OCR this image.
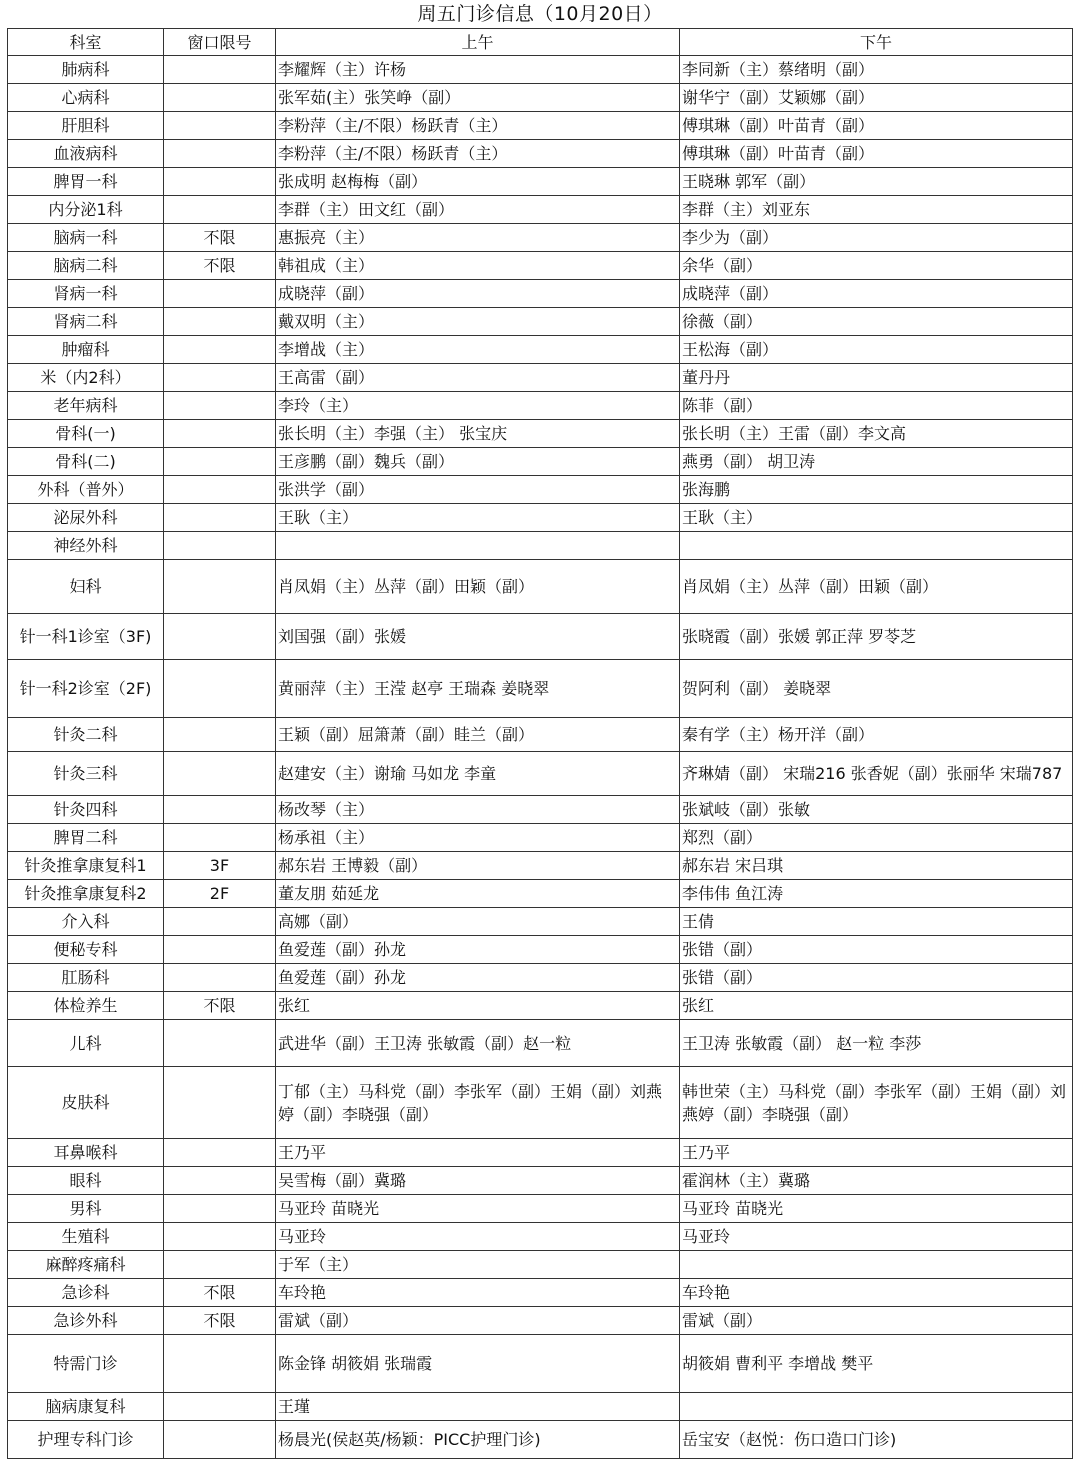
周五门诊信息（10月20日）
科室	窗口限号	上午	下午
肺病科		李耀辉（主）许杨	李同新（主）蔡绪明（副）
心病科		张军茹(主）张笑峥（副）	谢华宁（副）艾颖娜（副）
肝胆科		李粉萍（主/不限）杨跃青（主）	傅琪琳（副）叶苗青（副）
血液病科		李粉萍（主/不限）杨跃青（主）	傅琪琳（副）叶苗青（副）
脾胃一科		张成明 赵梅梅（副）	王晓琳 郭军（副）
内分泌1科		李群（主）田文红（副）	李群（主）刘亚东
脑病一科	不限	惠振亮（主）	李少为（副）
脑病二科	不限	韩祖成（主）	余华（副）
肾病一科		成晓萍（副）	成晓萍（副）
肾病二科		戴双明（主）	徐薇（副）
肿瘤科		李增战（主）	王松海（副）
米（内2科）		王高雷（副）	董丹丹
老年病科		李玲（主）	陈菲（副）
骨科(一)		张长明（主）李强（主） 张宝庆	张长明（主）王雷（副）李文高
骨科(二)		王彦鹏（副）魏兵（副）	燕勇（副） 胡卫涛
外科（普外）		张洪学（副）	张海鹏
泌尿外科		王耿（主）	王耿（主）
神经外科			
妇科		肖凤娟（主）丛萍（副）田颖（副）	肖凤娟（主）丛萍（副）田颖（副）
针一科1诊室（3F)		刘国强（副）张媛	张晓霞（副）张媛 郭正萍 罗苓芝
针一科2诊室（2F)		黄丽萍（主）王滢 赵亭 王瑞森 姜晓翠	贺阿利（副） 姜晓翠
针灸二科		王颖（副）屈箫萧（副）眭兰（副）	秦有学（主）杨开洋（副）
针灸三科		赵建安（主）谢瑜 马如龙 李童	齐琳婧（副） 宋瑞216 张香妮（副）张丽华 宋瑞787
针灸四科		杨改琴（主）	张斌岐（副）张敏
脾胃二科		杨承祖（主）	郑烈（副）
针灸推拿康复科1	3F	郝东岩 王博毅（副）	郝东岩 宋吕琪
针灸推拿康复科2	2F	董友朋 茹延龙	李伟伟 鱼江涛
介入科		高娜（副）	王倩
便秘专科		鱼爱莲（副）孙龙	张错（副）
肛肠科		鱼爱莲（副）孙龙	张错（副）
体检养生	不限	张红	张红
儿科		武进华（副）王卫涛 张敏霞（副）赵一粒	王卫涛 张敏霞（副） 赵一粒 李莎
皮肤科		丁郁（主）马科党（副）李张军（副）王娟（副）刘燕婷（副）李晓强（副）	韩世荣（主）马科党（副）李张军（副）王娟（副）刘燕婷（副）李晓强（副）
耳鼻喉科		王乃平	王乃平
眼科		吴雪梅（副）冀璐	霍润林（主）冀璐
男科		马亚玲 苗晓光	马亚玲 苗晓光
生殖科		马亚玲	马亚玲
麻醉疼痛科		于军（主）	
急诊科	不限	车玲艳	车玲艳
急诊外科	不限	雷斌（副）	雷斌（副）
特需门诊		陈金锋 胡筱娟 张瑞霞	胡筱娟 曹利平 李增战 樊平
脑病康复科		王瑾	
护理专科门诊		杨晨光(侯赵英/杨颖：PICC护理门诊)	岳宝安（赵悦：伤口造口门诊)
